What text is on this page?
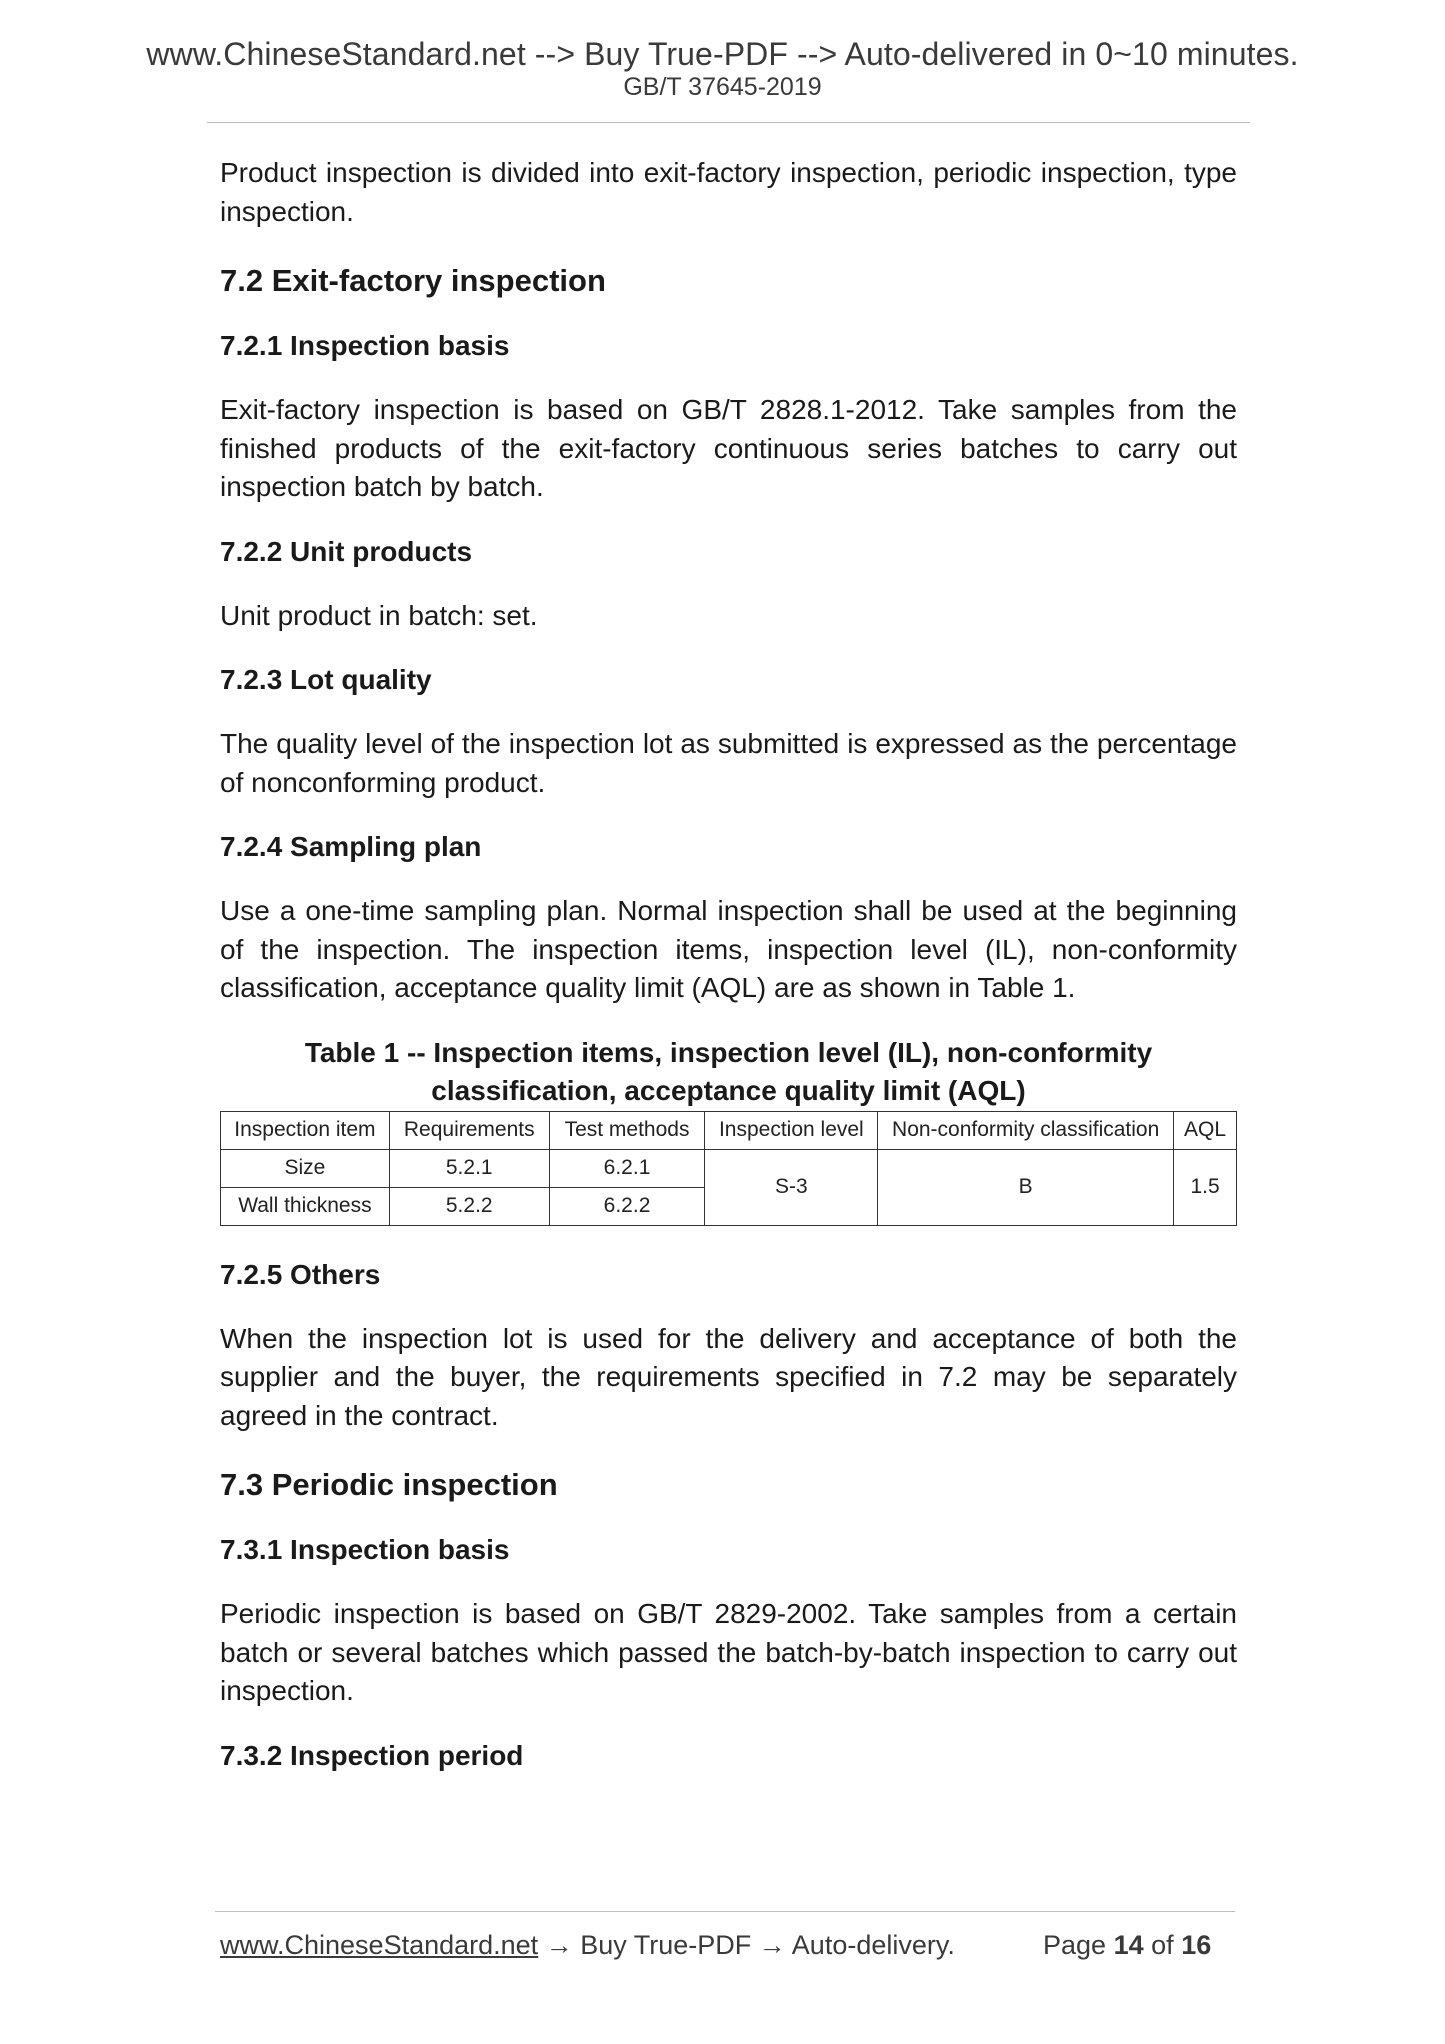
www.ChineseStandard.net --> Buy True-PDF --> Auto-delivered in 0~10 minutes.
GB/T 37645-2019

Product inspection is divided into exit-factory inspection, periodic inspection, type inspection.

7.2 Exit-factory inspection
7.2.1 Inspection basis

Exit-factory inspection is based on GB/T 2828.1-2012. Take samples from the finished products of the exit-factory continuous series batches to carry out inspection batch by batch.

7.2.2 Unit products

Unit product in batch: set.

7.2.3 Lot quality

The quality level of the inspection lot as submitted is expressed as the percentage of nonconforming product.

7.2.4 Sampling plan

Use a one-time sampling plan. Normal inspection shall be used at the beginning of the inspection. The inspection items, inspection level (IL), non-conformity classification, acceptance quality limit (AQL) are as shown in Table 1.

Table 1 -- Inspection items, inspection level (IL), non-conformity

classification, acceptance quality limit (AQL)

Inspection item	Requirements	Test methods	Inspection level	Non-conformity classification	AQL
Size	5.2.1	6.2.1	S-3	B	1.5
Wall thickness	5.2.2	6.2.2			
7.2.5 Others

When the inspection lot is used for the delivery and acceptance of both the supplier and the buyer, the requirements specified in 7.2 may be separately agreed in the contract.

7.3 Periodic inspection
7.3.1 Inspection basis

Periodic inspection is based on GB/T 2829-2002. Take samples from a certain batch or several batches which passed the batch-by-batch inspection to carry out inspection.

7.3.2 Inspection period
www.ChineseStandard.net → Buy True-PDF → Auto-delivery.	Page 14 of 16
